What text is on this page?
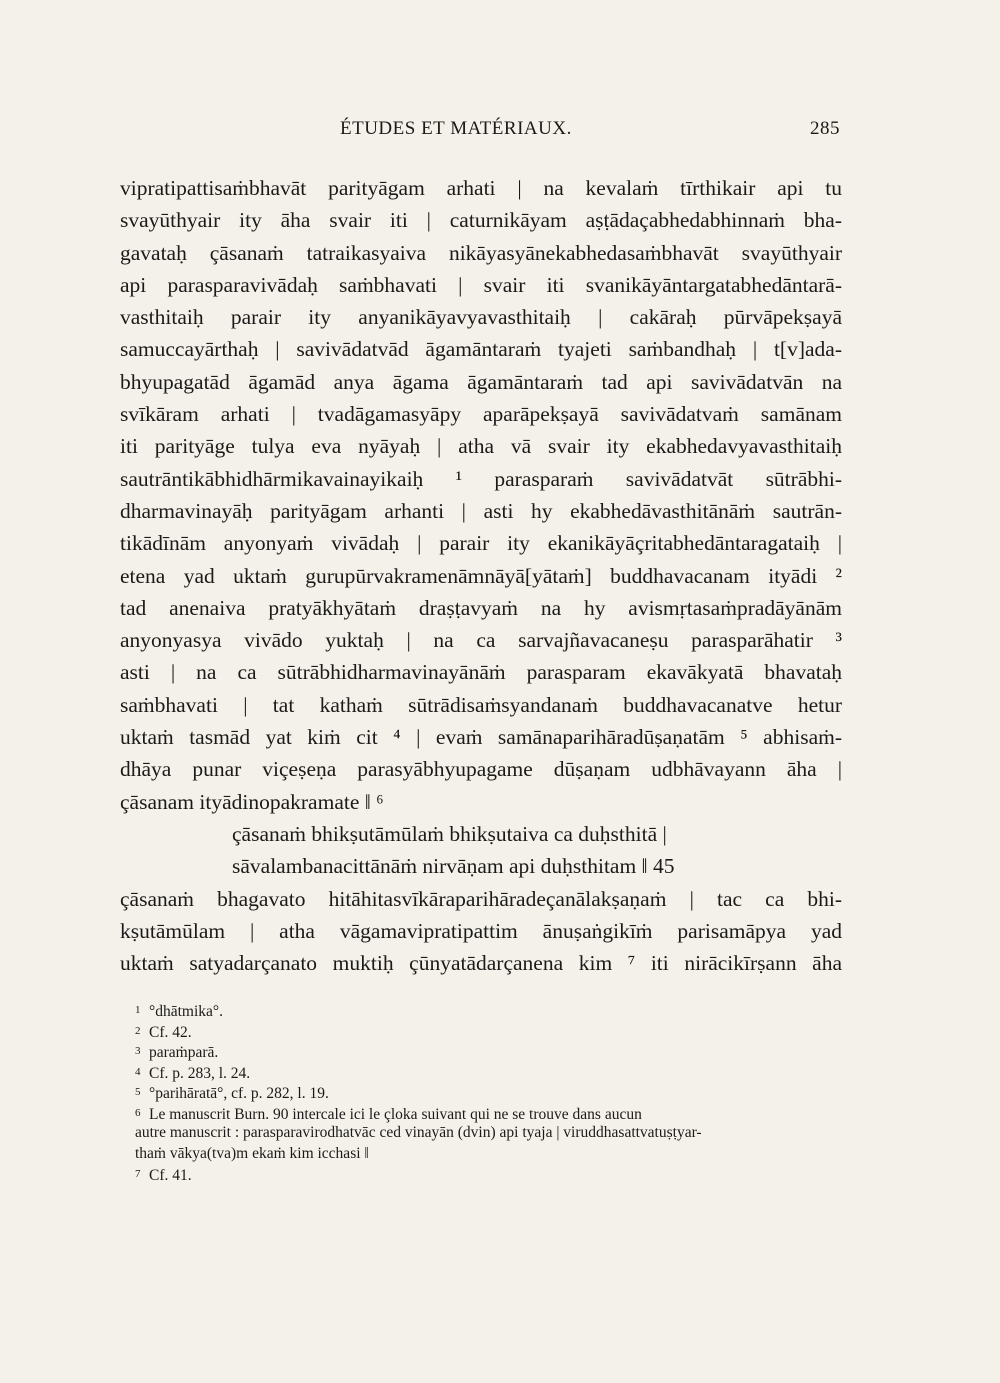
ÉTUDES ET MATÉRIAUX.	285
vipratipattisaṁbhavāt parityāgam arhati | na kevalaṁ tīrthikair api tu
svayūthyair ity āha svair iti | caturnikāyam aṣṭādaçabhedabhinnaṁ bha-
gavataḥ çāsanaṁ tatraikasyaiva nikāyasyānekabhedasaṁbhavāt svayūthyair
api parasparavivādaḥ saṁbhavati | svair iti svanikāyāntargatabhedāntarā-
vasthitaiḥ parair ity anyanikāyavyavasthitaiḥ | cakāraḥ pūrvāpekṣayā
samuccayārthaḥ | savivādatvād āgamāntaraṁ tyajeti saṁbandhaḥ | t[v]ada-
bhyupagatād āgamād anya āgama āgamāntaraṁ tad api savivādatvān na
svīkāram arhati | tvadāgamasyāpy aparāpekṣayā savivādatvaṁ samānam
iti parityāge tulya eva nyāyaḥ | atha vā svair ity ekabhedavyavasthitaiḥ
sautrāntikābhidhārmikavainayikaiḥ ¹ parasparaṁ savivādatvāt sūtrābhi-
dharmavinayāḥ parityāgam arhanti | asti hy ekabhedāvasthitānāṁ sautrān-
tikādīnām anyonyaṁ vivādaḥ | parair ity ekanikāyāçritabhedāntaragataiḥ |
etena yad uktaṁ gurupūrvakramenāmnāyā[yātaṁ] buddhavacanam ityādi ²
tad anenaiva pratyākhyātaṁ draṣṭavyaṁ na hy avismṛtasaṁpradāyānām
anyonyasya vivādo yuktaḥ | na ca sarvajñavacaneṣu parasparāhatir ³
asti | na ca sūtrābhidharmavinayānāṁ parasparam ekavākyatā bhavataḥ
saṁbhavati | tat kathaṁ sūtrādisaṁsyandanaṁ buddhavacanatve hetur
uktaṁ tasmād yat kiṁ cit ⁴ | evaṁ samānaparihāradūṣaṇatām ⁵ abhisaṁ-
dhāya punar viçeṣeṇa parasyābhyupagame dūṣaṇam udbhāvayann āha |
çāsanam ityādinopakramate ‖ ⁶
çāsanaṁ bhikṣutāmūlaṁ bhikṣutaiva ca duḥsthitā |
sāvalambanacittānāṁ nirvāṇam api duḥsthitam ‖ 45
çāsanaṁ bhagavato hitāhitasvīkāraparihāradeçanālakṣaṇaṁ | tac ca bhi-
kṣutāmūlam | atha vāgamavipratipattim ānuṣaṅgikīṁ parisamāpya yad
uktaṁ satyadarçanato muktiḥ çūnyatādarçanena kim ⁷ iti nirācikīrṣann āha
1 °dhātmika°.
2 Cf. 42.
3 paraṁparā.
4 Cf. p. 283, l. 24.
5 °parihāratā°, cf. p. 282, l. 19.
6 Le manuscrit Burn. 90 intercale ici le çloka suivant qui ne se trouve dans aucun
autre manuscrit : parasparavirodhatvāc ced vinayān (dvin) api tyaja | viruddhasattvatuṣṭyar-
thaṁ vākya(tva)m ekaṁ kim icchasi ‖
7 Cf. 41.
